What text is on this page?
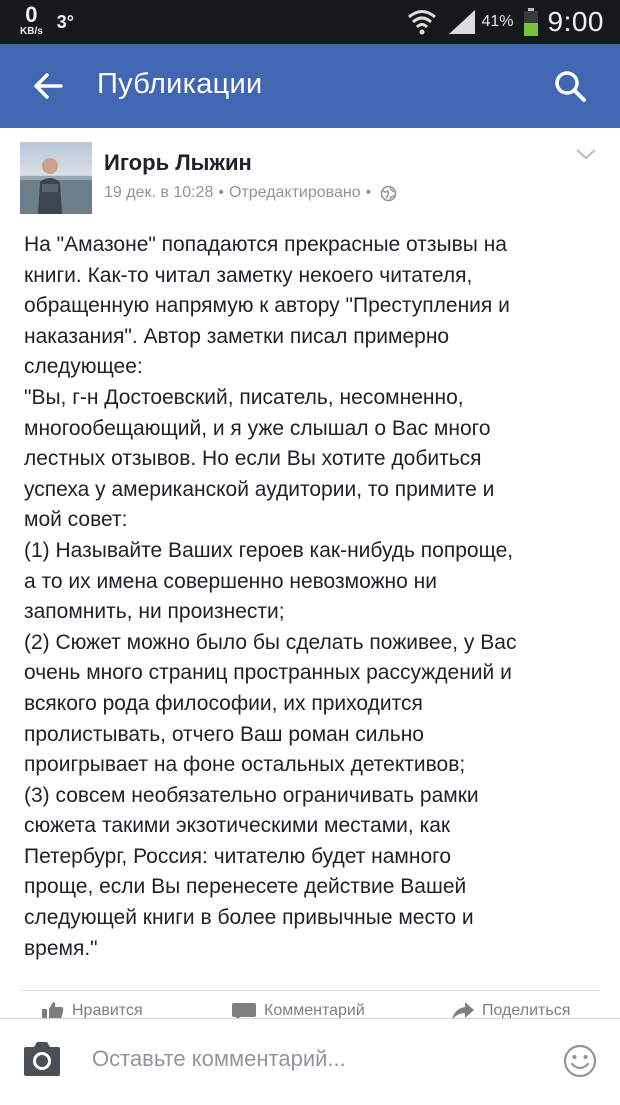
0
KB/s 3°	41% 9:00
Публикации
Игорь Лыжин
19 дек. в 10:28 • Отредактировано •

На "Амазоне" попадаются прекрасные отзывы на

книги. Как-то читал заметку некоего читателя,

обращенную напрямую к автору "Преступления и

наказания". Автор заметки писал примерно

следующее:

"Вы, г-н Достоевский, писатель, несомненно,

многообещающий, и я уже слышал о Вас много

лестных отзывов. Но если Вы хотите добиться

успеха у американской аудитории, то примите и

мой совет:

(1) Называйте Ваших героев как-нибудь попроще,

а то их имена совершенно невозможно ни

запомнить, ни произнести;

(2) Сюжет можно было бы сделать поживее, у Вас

очень много страниц пространных рассуждений и

всякого рода философии, их приходится

пролистывать, отчего Ваш роман сильно

проигрывает на фоне остальных детективов;

(3) совсем необязательно ограничивать рамки

сюжета такими экзотическими местами, как

Петербург, Россия: читателю будет намного

проще, если Вы перенесете действие Вашей

следующей книги в более привычные место и

время."

Нравится	Комментарий	Поделиться
Оставьте комментарий...
